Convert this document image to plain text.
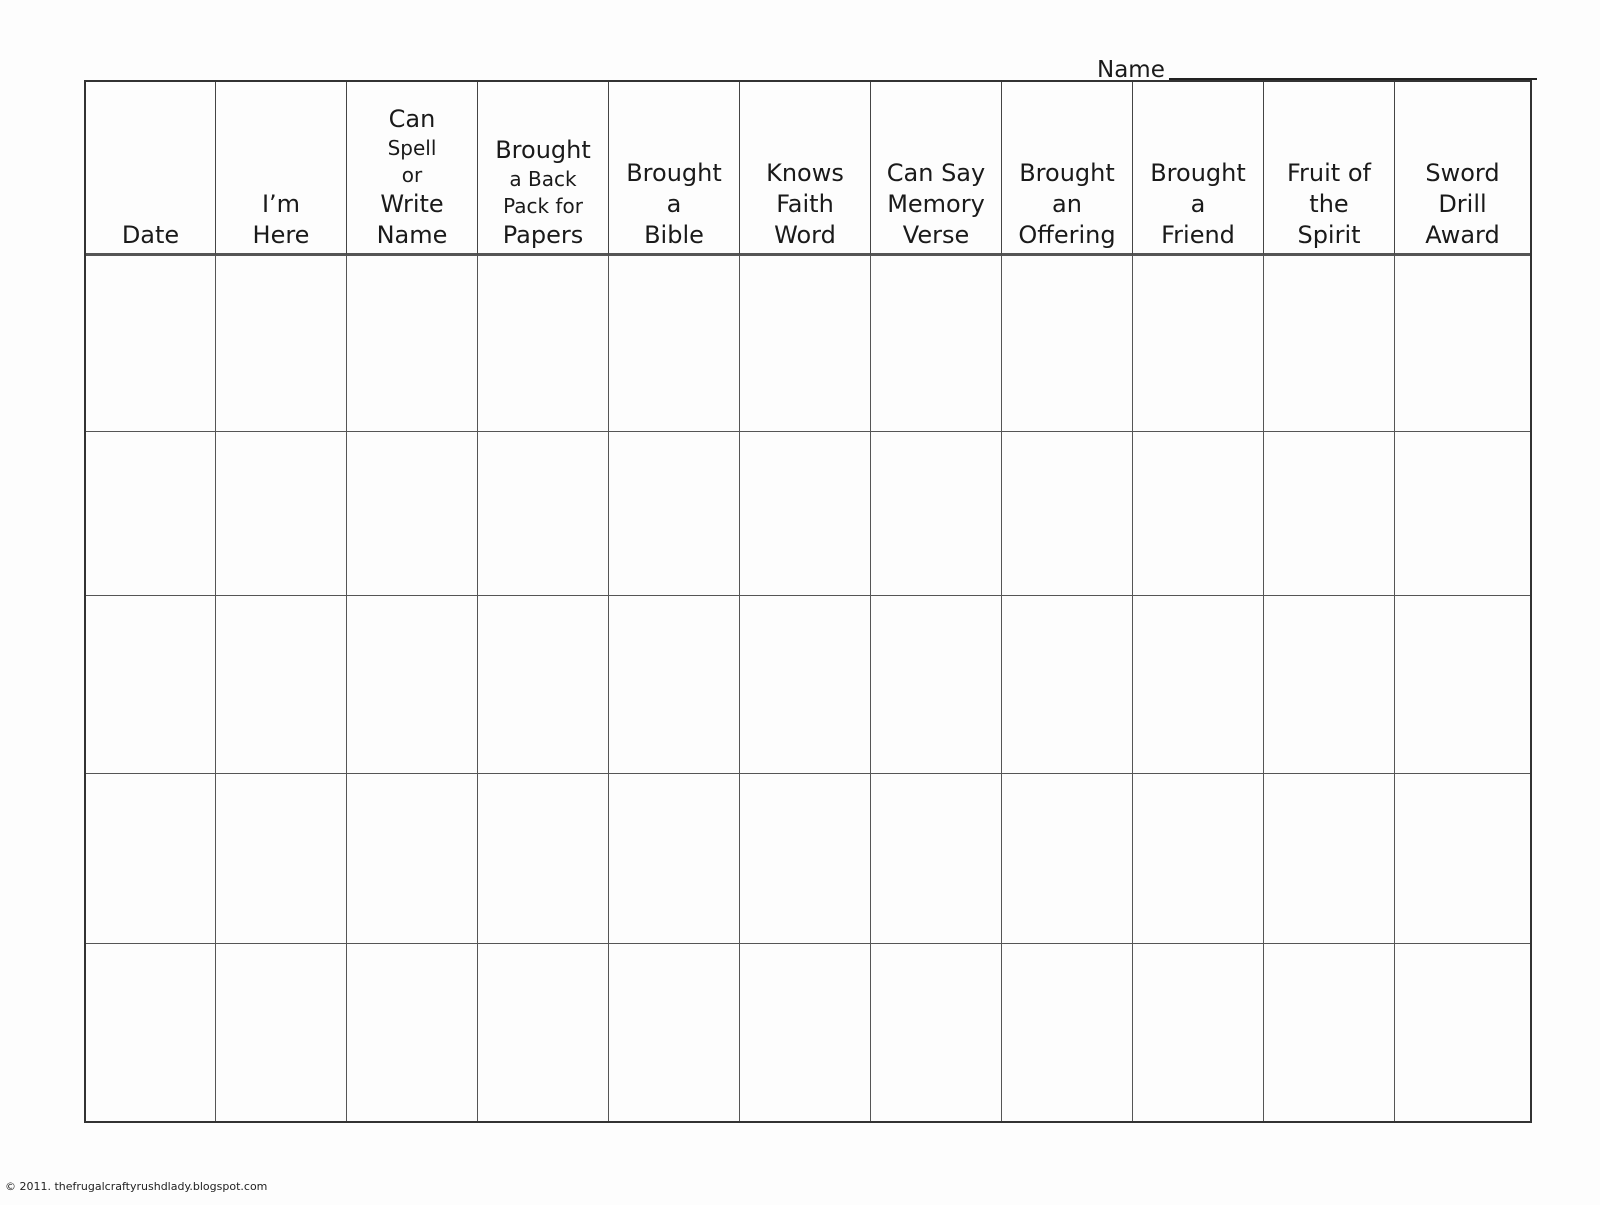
Name
Date
I’m
Here
Can
Spell
or
Write
Name
Brought
a Back
Pack for
Papers
Brought
a
Bible
Knows
Faith
Word
Can Say
Memory
Verse
Brought
an
Offering
Brought
a
Friend
Fruit of
the
Spirit
Sword
Drill
Award
© 2011. thefrugalcraftyrushdlady.blogspot.com
